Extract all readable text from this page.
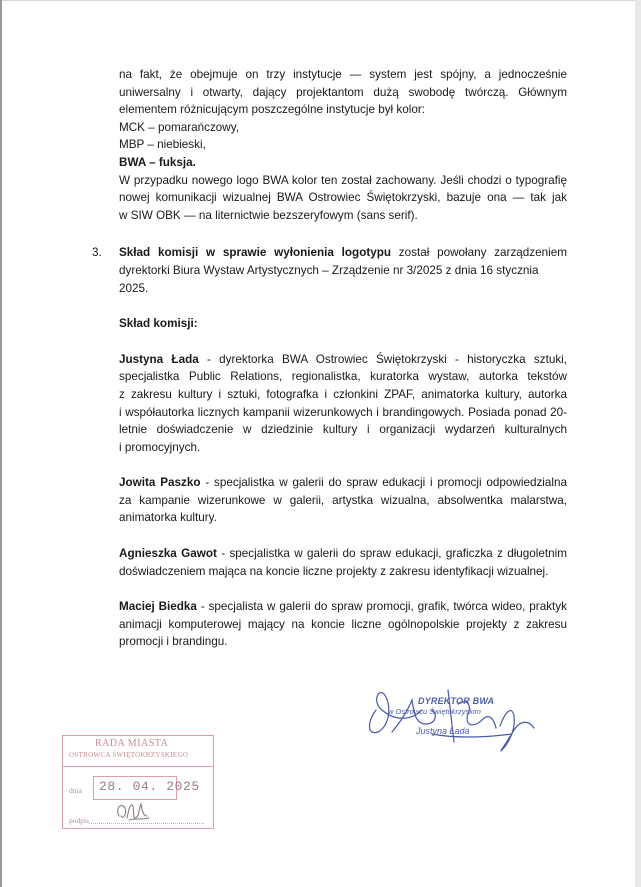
na fakt, że obejmuje on trzy instytucje — system jest spójny, a jednocześnie
uniwersalny i otwarty, dający projektantom dużą swobodę twórczą. Głównym
elementem różnicującym poszczególne instytucje był kolor:
MCK – pomarańczowy,
MBP – niebieski,
BWA – fuksja.
W przypadku nowego logo BWA kolor ten został zachowany. Jeśli chodzi o typografię
nowej komunikacji wizualnej BWA Ostrowiec Świętokrzyski, bazuje ona — tak jak
w SIW OBK — na liternictwie bezszeryfowym (sans serif).
3. Skład komisji w sprawie wyłonienia logotypu został powołany zarządzeniem
dyrektorki Biura Wystaw Artystycznych – Zrządzenie nr 3/2025 z dnia 16 stycznia 2025.
Skład komisji:
Justyna Łada - dyrektorka BWA Ostrowiec Świętokrzyski - historyczka sztuki,
specjalistka Public Relations, regionalistka, kuratorka wystaw, autorka tekstów
z zakresu kultury i sztuki, fotografka i członkini ZPAF, animatorka kultury, autorka
i współautorka licznych kampanii wizerunkowych i brandingowych. Posiada ponad 20-
letnie doświadczenie w dziedzinie kultury i organizacji wydarzeń kulturalnych
i promocyjnych.
Jowita Paszko - specjalistka w galerii do spraw edukacji i promocji odpowiedzialna
za kampanie wizerunkowe w galerii, artystka wizualna, absolwentka malarstwa,
animatorka kultury.
Agnieszka Gawot - specjalistka w galerii do spraw edukacji, graficzka z długoletnim
doświadczeniem mająca na koncie liczne projekty z zakresu identyfikacji wizualnej.
Maciej Biedka - specjalista w galerii do spraw promocji, grafik, twórca wideo, praktyk
animacji komputerowej mający na koncie liczne ogólnopolskie projekty z zakresu
promocji i brandingu.
DYREKTOR BWA
w Ostrowcu Świętokrzyskim
Justyna Łada
RADA MIASTA
OSTROWCA ŚWIĘTOKRZYSKIEGO
dnia 28. 04. 2025
podpis
